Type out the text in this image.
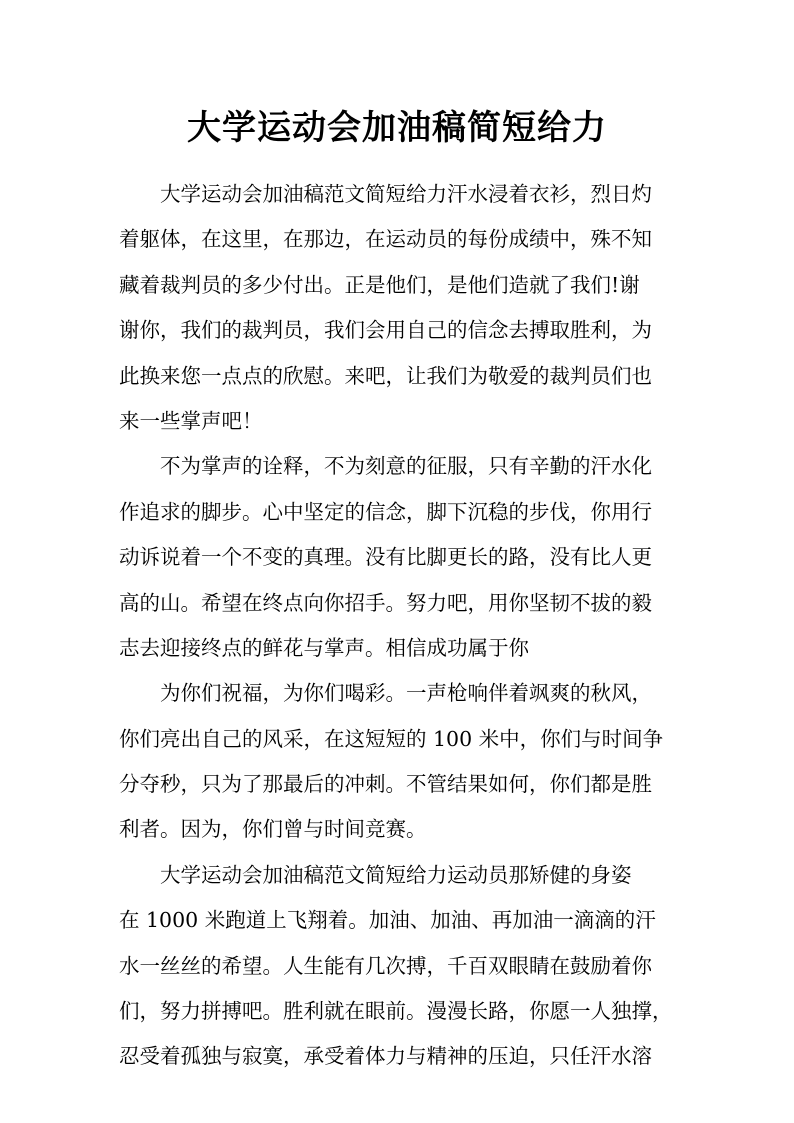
大学运动会加油稿简短给力
大学运动会加油稿范文简短给力汗水浸着衣衫，烈日灼
着躯体，在这里，在那边，在运动员的每份成绩中，殊不知
藏着裁判员的多少付出。正是他们，是他们造就了我们!谢
谢你，我们的裁判员，我们会用自己的信念去搏取胜利，为
此换来您一点点的欣慰。来吧，让我们为敬爱的裁判员们也
来一些掌声吧！
不为掌声的诠释，不为刻意的征服，只有辛勤的汗水化
作追求的脚步。心中坚定的信念，脚下沉稳的步伐，你用行
动诉说着一个不变的真理。没有比脚更长的路，没有比人更
高的山。希望在终点向你招手。努力吧，用你坚韧不拔的毅
志去迎接终点的鲜花与掌声。相信成功属于你
为你们祝福，为你们喝彩。一声枪响伴着飒爽的秋风，
你们亮出自己的风采，在这短短的 100 米中，你们与时间争
分夺秒，只为了那最后的冲刺。不管结果如何，你们都是胜
利者。因为，你们曾与时间竞赛。
大学运动会加油稿范文简短给力运动员那矫健的身姿
在 1000 米跑道上飞翔着。加油、加油、再加油一滴滴的汗
水一丝丝的希望。人生能有几次搏，千百双眼睛在鼓励着你
们，努力拼搏吧。胜利就在眼前。漫漫长路，你愿一人独撑，
忍受着孤独与寂寞，承受着体力与精神的压迫，只任汗水溶
